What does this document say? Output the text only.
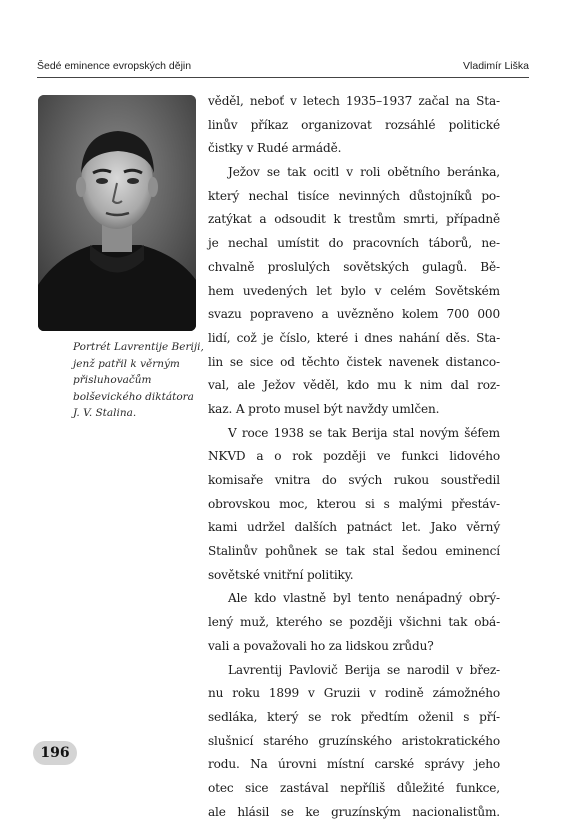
Šedé eminence evropských dějin	Vladimír Liška
Portrét Lavrentije Beriji,
jenž patřil k věrným
přisluhovačům
bolševického diktátora
J. V. Stalina.
věděl, neboť v letech 1935–1937 začal na Sta-
linův příkaz organizovat rozsáhlé politické
čistky v Rudé armádě.
Ježov se tak ocitl v roli obětního beránka,
který nechal tisíce nevinných důstojníků po-
zatýkat a odsoudit k trestům smrti, případně
je nechal umístit do pracovních táborů, ne-
chvalně proslulých sovětských gulagů. Bě-
hem uvedených let bylo v celém Sovětském
svazu popraveno a uvězněno kolem 700 000
lidí, což je číslo, které i dnes nahání děs. Sta-
lin se sice od těchto čistek navenek distanco-
val, ale Ježov věděl, kdo mu k nim dal roz-
kaz. A proto musel být navždy umlčen.
V roce 1938 se tak Berija stal novým šéfem
NKVD a o rok později ve funkci lidového
komisaře vnitra do svých rukou soustředil
obrovskou moc, kterou si s malými přestáv-
kami udržel dalších patnáct let. Jako věrný
Stalinův pohůnek se tak stal šedou eminencí
sovětské vnitřní politiky.
Ale kdo vlastně byl tento nenápadný obrý-
lený muž, kterého se později všichni tak obá-
vali a považovali ho za lidskou zrůdu?
Lavrentij Pavlovič Berija se narodil v břez-
nu roku 1899 v Gruzii v rodině zámožného
sedláka, který se rok předtím oženil s pří-
slušnicí starého gruzínského aristokratického
rodu. Na úrovni místní carské správy jeho
otec sice zastával nepříliš důležité funkce,
ale hlásil se ke gruzínským nacionalistům.
196
